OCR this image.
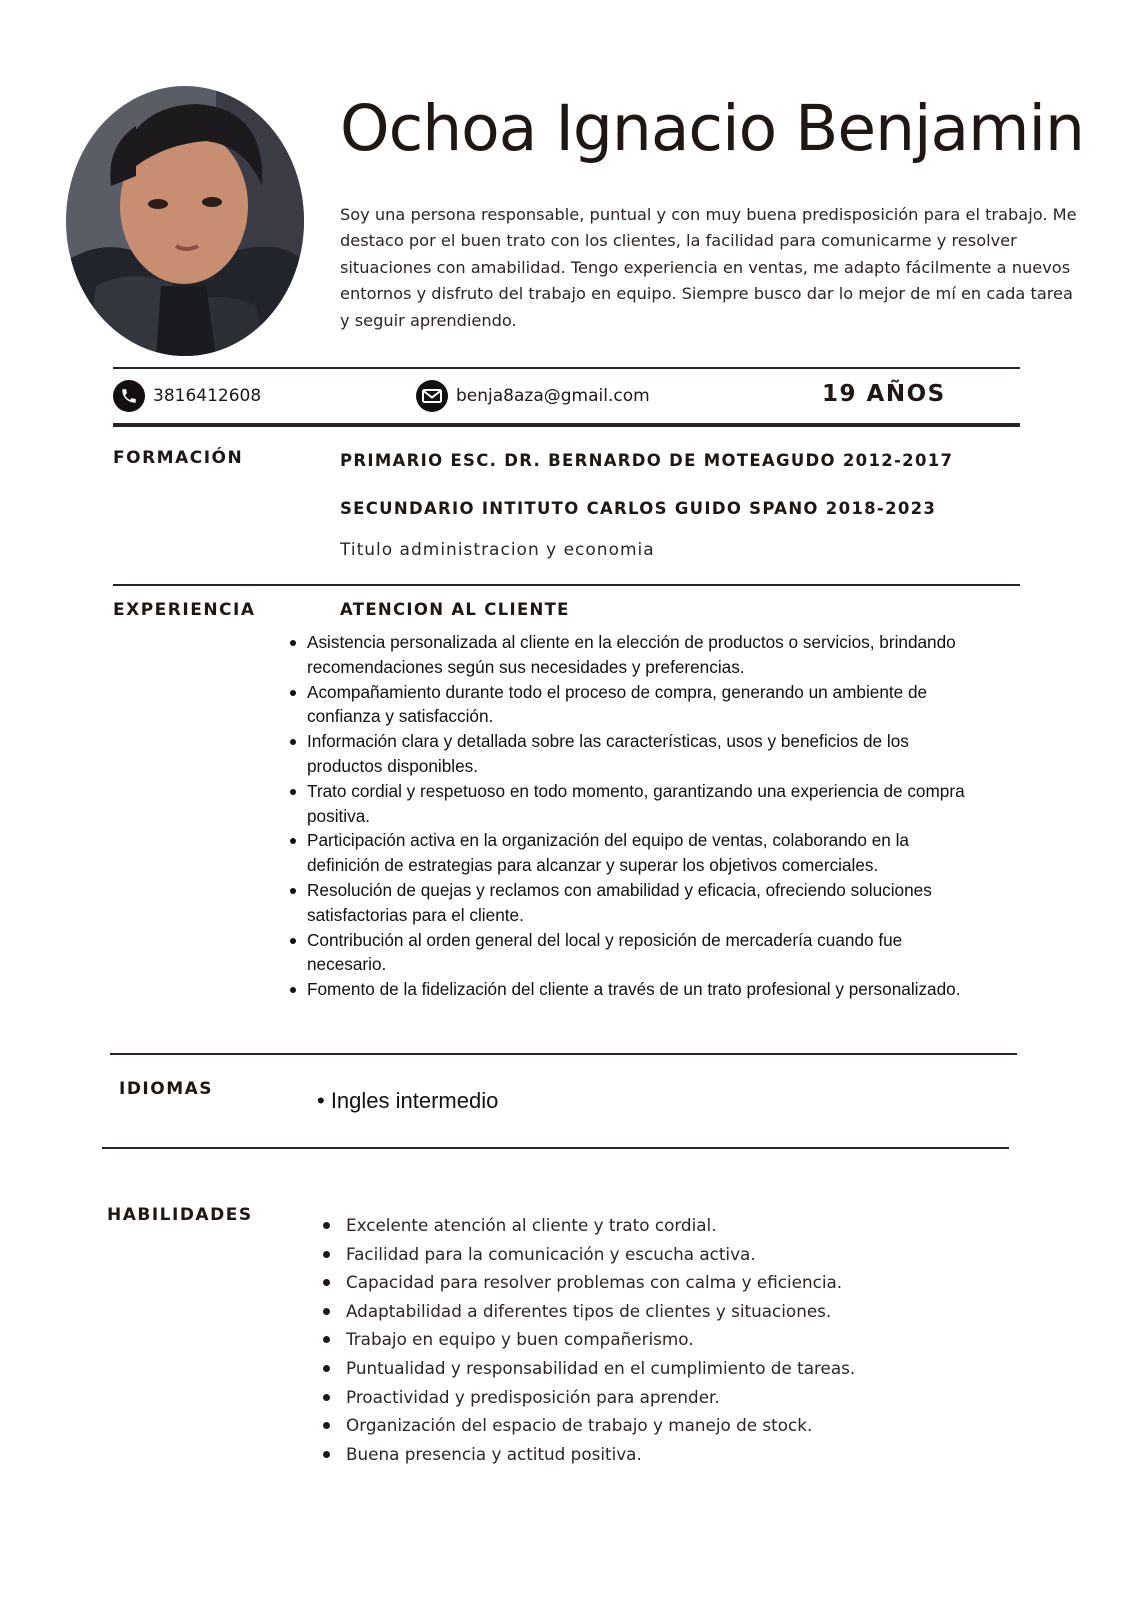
Ochoa Ignacio Benjamin

Soy una persona responsable, puntual y con muy buena predisposición para el trabajo. Me destaco por el buen trato con los clientes, la facilidad para comunicarme y resolver situaciones con amabilidad. Tengo experiencia en ventas, me adapto fácilmente a nuevos entornos y disfruto del trabajo en equipo. Siempre busco dar lo mejor de mí en cada tarea y seguir aprendiendo.

3816412608	benja8aza@gmail.com	19 AÑOS
FORMACIÓN	PRIMARIO ESC. DR. BERNARDO DE MOTEAGUDO 2012-2017
SECUNDARIO INTITUTO CARLOS GUIDO SPANO 2018-2023

Titulo administracion y economia

EXPERIENCIA	ATENCION AL CLIENTE
Asistencia personalizada al cliente en la elección de productos o servicios, brindando recomendaciones según sus necesidades y preferencias.
Acompañamiento durante todo el proceso de compra, generando un ambiente de confianza y satisfacción.
Información clara y detallada sobre las características, usos y beneficios de los productos disponibles.
Trato cordial y respetuoso en todo momento, garantizando una experiencia de compra positiva.
Participación activa en la organización del equipo de ventas, colaborando en la definición de estrategias para alcanzar y superar los objetivos comerciales.
Resolución de quejas y reclamos con amabilidad y eficacia, ofreciendo soluciones satisfactorias para el cliente.
Contribución al orden general del local y reposición de mercadería cuando fue necesario.
Fomento de la fidelización del cliente a través de un trato profesional y personalizado.
IDIOMAS	• Ingles intermedio

HABILIDADES	Excelente atención al cliente y trato cordial.
Facilidad para la comunicación y escucha activa.
Capacidad para resolver problemas con calma y eficiencia.
Adaptabilidad a diferentes tipos de clientes y situaciones.
Trabajo en equipo y buen compañerismo.
Puntualidad y responsabilidad en el cumplimiento de tareas.
Proactividad y predisposición para aprender.
Organización del espacio de trabajo y manejo de stock.
Buena presencia y actitud positiva.
